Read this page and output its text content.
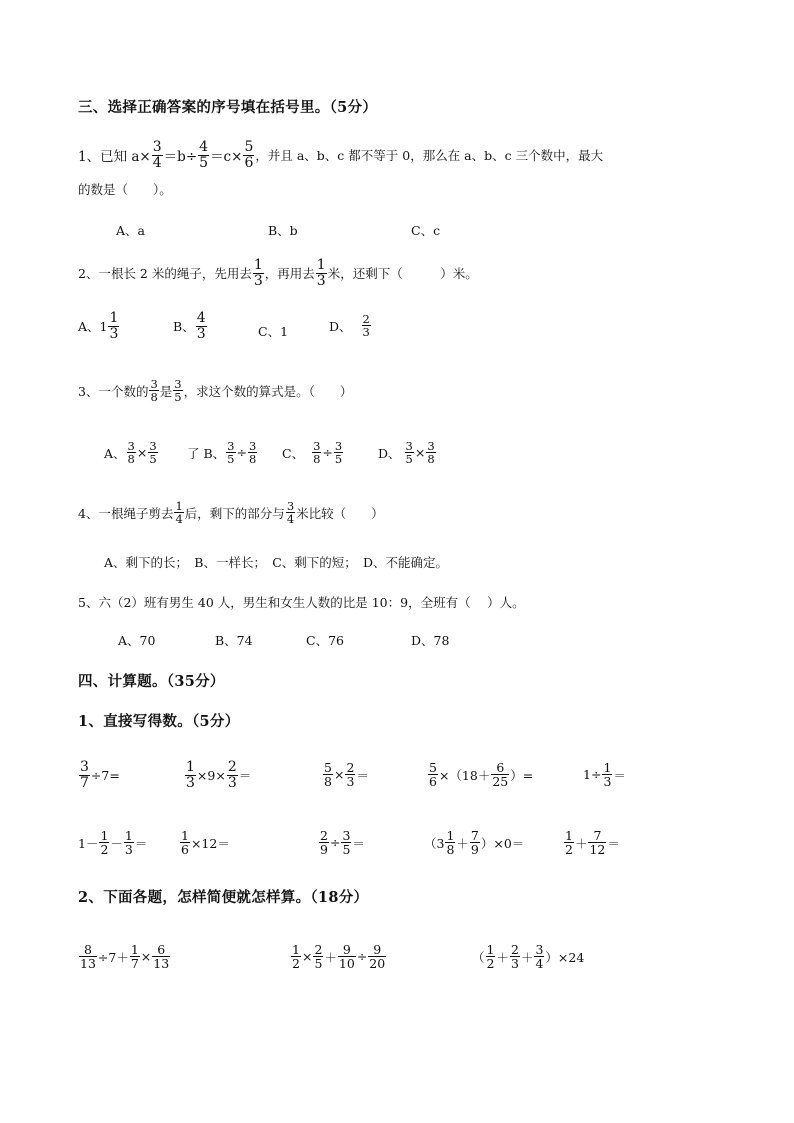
三、选择正确答案的序号填在括号里。（5分）
1、已知 $a\times \frac{3}{4} =b\div \frac{4}{5} =c\times \frac{5}{6}$ ，并且 a、b、c 都不等于 0，那么在 a、b、c 三个数中，最大
的数是（　　）。
A、a	B、b	C、c
2、一根长 2 米的绳子，先用去 $\frac{1}{3}$ ，再用去 $\frac{1}{3}$ 米，还剩下（　　　）米。
A、$1 \frac{1}{3}$	B、 $\frac{4}{3}$	C、1	D、 $\frac{2}{3}$
3、一个数的 $\frac{3}{8}$ 是 $\frac{3}{5}$ ，求这个数的算式是。（　　）
A、 $\frac{3}{8} \times \frac{3}{5}$ 了 B、 $\frac{3}{5} \div \frac{3}{8}$ C、 $\frac{3}{8} \div \frac{3}{5}$	D、 $\frac{3}{5} \times \frac{3}{8}$
4、一根绳子剪去 $\frac{1}{4}$ 后，剩下的部分与 $\frac{3}{4}$ 米比较（　　）
A、剩下的长；　B、一样长；　C、剩下的短；　D、不能确定。
5、六（2）班有男生 40 人，男生和女生人数的比是 10：9，全班有（　 ）人。
A、70	B、74	C、76	D、78
四、计算题。（35分）
1、直接写得数。（5分）
$\frac{3}{7} \div 7=$	$\frac{1}{3} \times 9\times \frac{2}{3}$ ＝	$\frac{5}{8} \times \frac{2}{3}$ ＝	$\frac{5}{6} \times(18+ \frac{6}{25}$ ）=	$1\div \frac{1}{3}$ ＝
$1- \frac{1}{2} - \frac{1}{3}$ ＝	$\frac{1}{6} \times 12=$	$\frac{2}{9} \div \frac{3}{5}$ ＝	$(3 \frac{1}{8} + \frac{7}{9} )\times 0=$	$\frac{1}{2} + \frac{7}{12}$ ＝
2、下面各题，怎样简便就怎样算。（18分）
$\frac{8}{13} \div 7+ \frac{1}{7} \times \frac{6}{13}$	$\frac{1}{2} \times \frac{2}{5} + \frac{9}{10} \div \frac{9}{20}$	（ $\frac{1}{2} + \frac{2}{3} + \frac{3}{4} )\times 24$
